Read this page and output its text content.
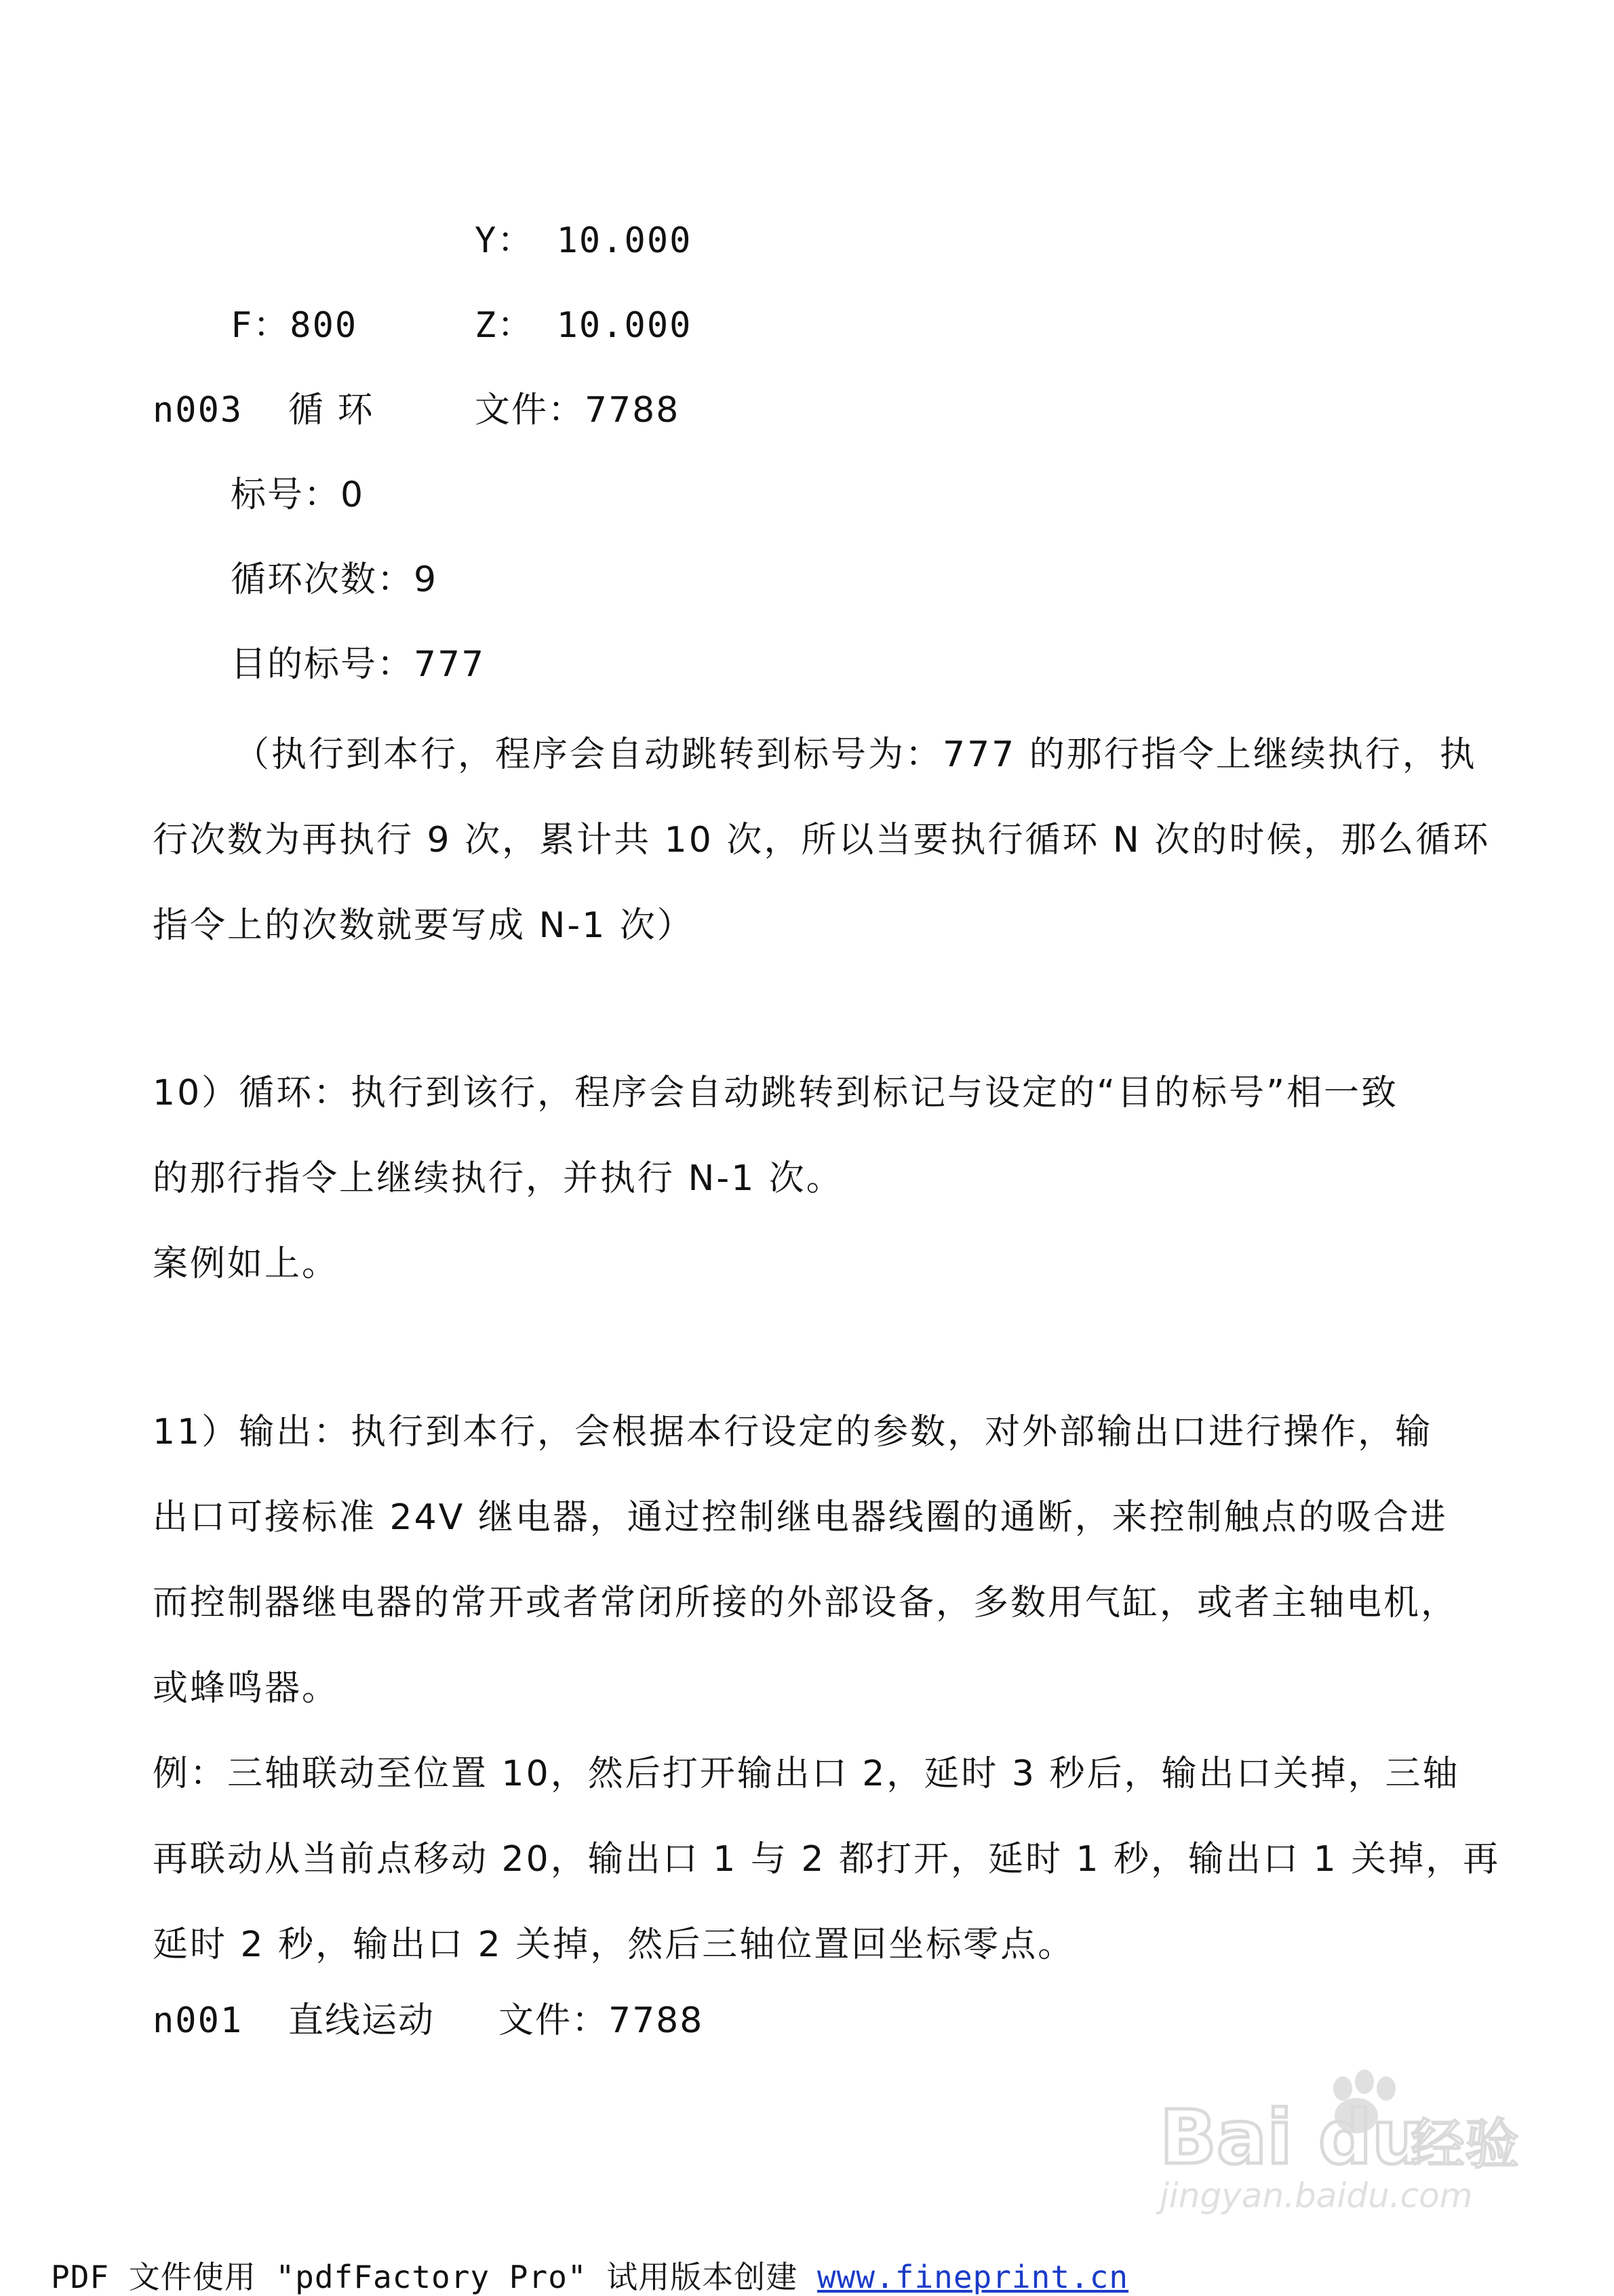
Y： 10.000
F：800	Z： 10.000
n003 循 环	文件：7788
标号：0
循环次数：9
目的标号：777
（执行到本行，程序会自动跳转到标号为：777 的那行指令上继续执行，执
行次数为再执行 9 次，累计共 10 次，所以当要执行循环 N 次的时候，那么循环
指令上的次数就要写成 N-1 次）
10）循环：执行到该行，程序会自动跳转到标记与设定的“目的标号”相一致
的那行指令上继续执行，并执行 N-1 次。
案例如上。
11）输出：执行到本行，会根据本行设定的参数，对外部输出口进行操作，输
出口可接标准 24V 继电器，通过控制继电器线圈的通断，来控制触点的吸合进
而控制器继电器的常开或者常闭所接的外部设备，多数用气缸，或者主轴电机，
或蜂鸣器。
例：三轴联动至位置 10，然后打开输出口 2，延时 3 秒后，输出口关掉，三轴
再联动从当前点移动 20，输出口 1 与 2 都打开，延时 1 秒，输出口 1 关掉，再
延时 2 秒，输出口 2 关掉，然后三轴位置回坐标零点。
n001 直线运动 文件：7788
Bai du
经验
jingyan.baidu.com
PDF 文件使用 "pdfFactory Pro" 试用版本创建 www.fineprint.cn
